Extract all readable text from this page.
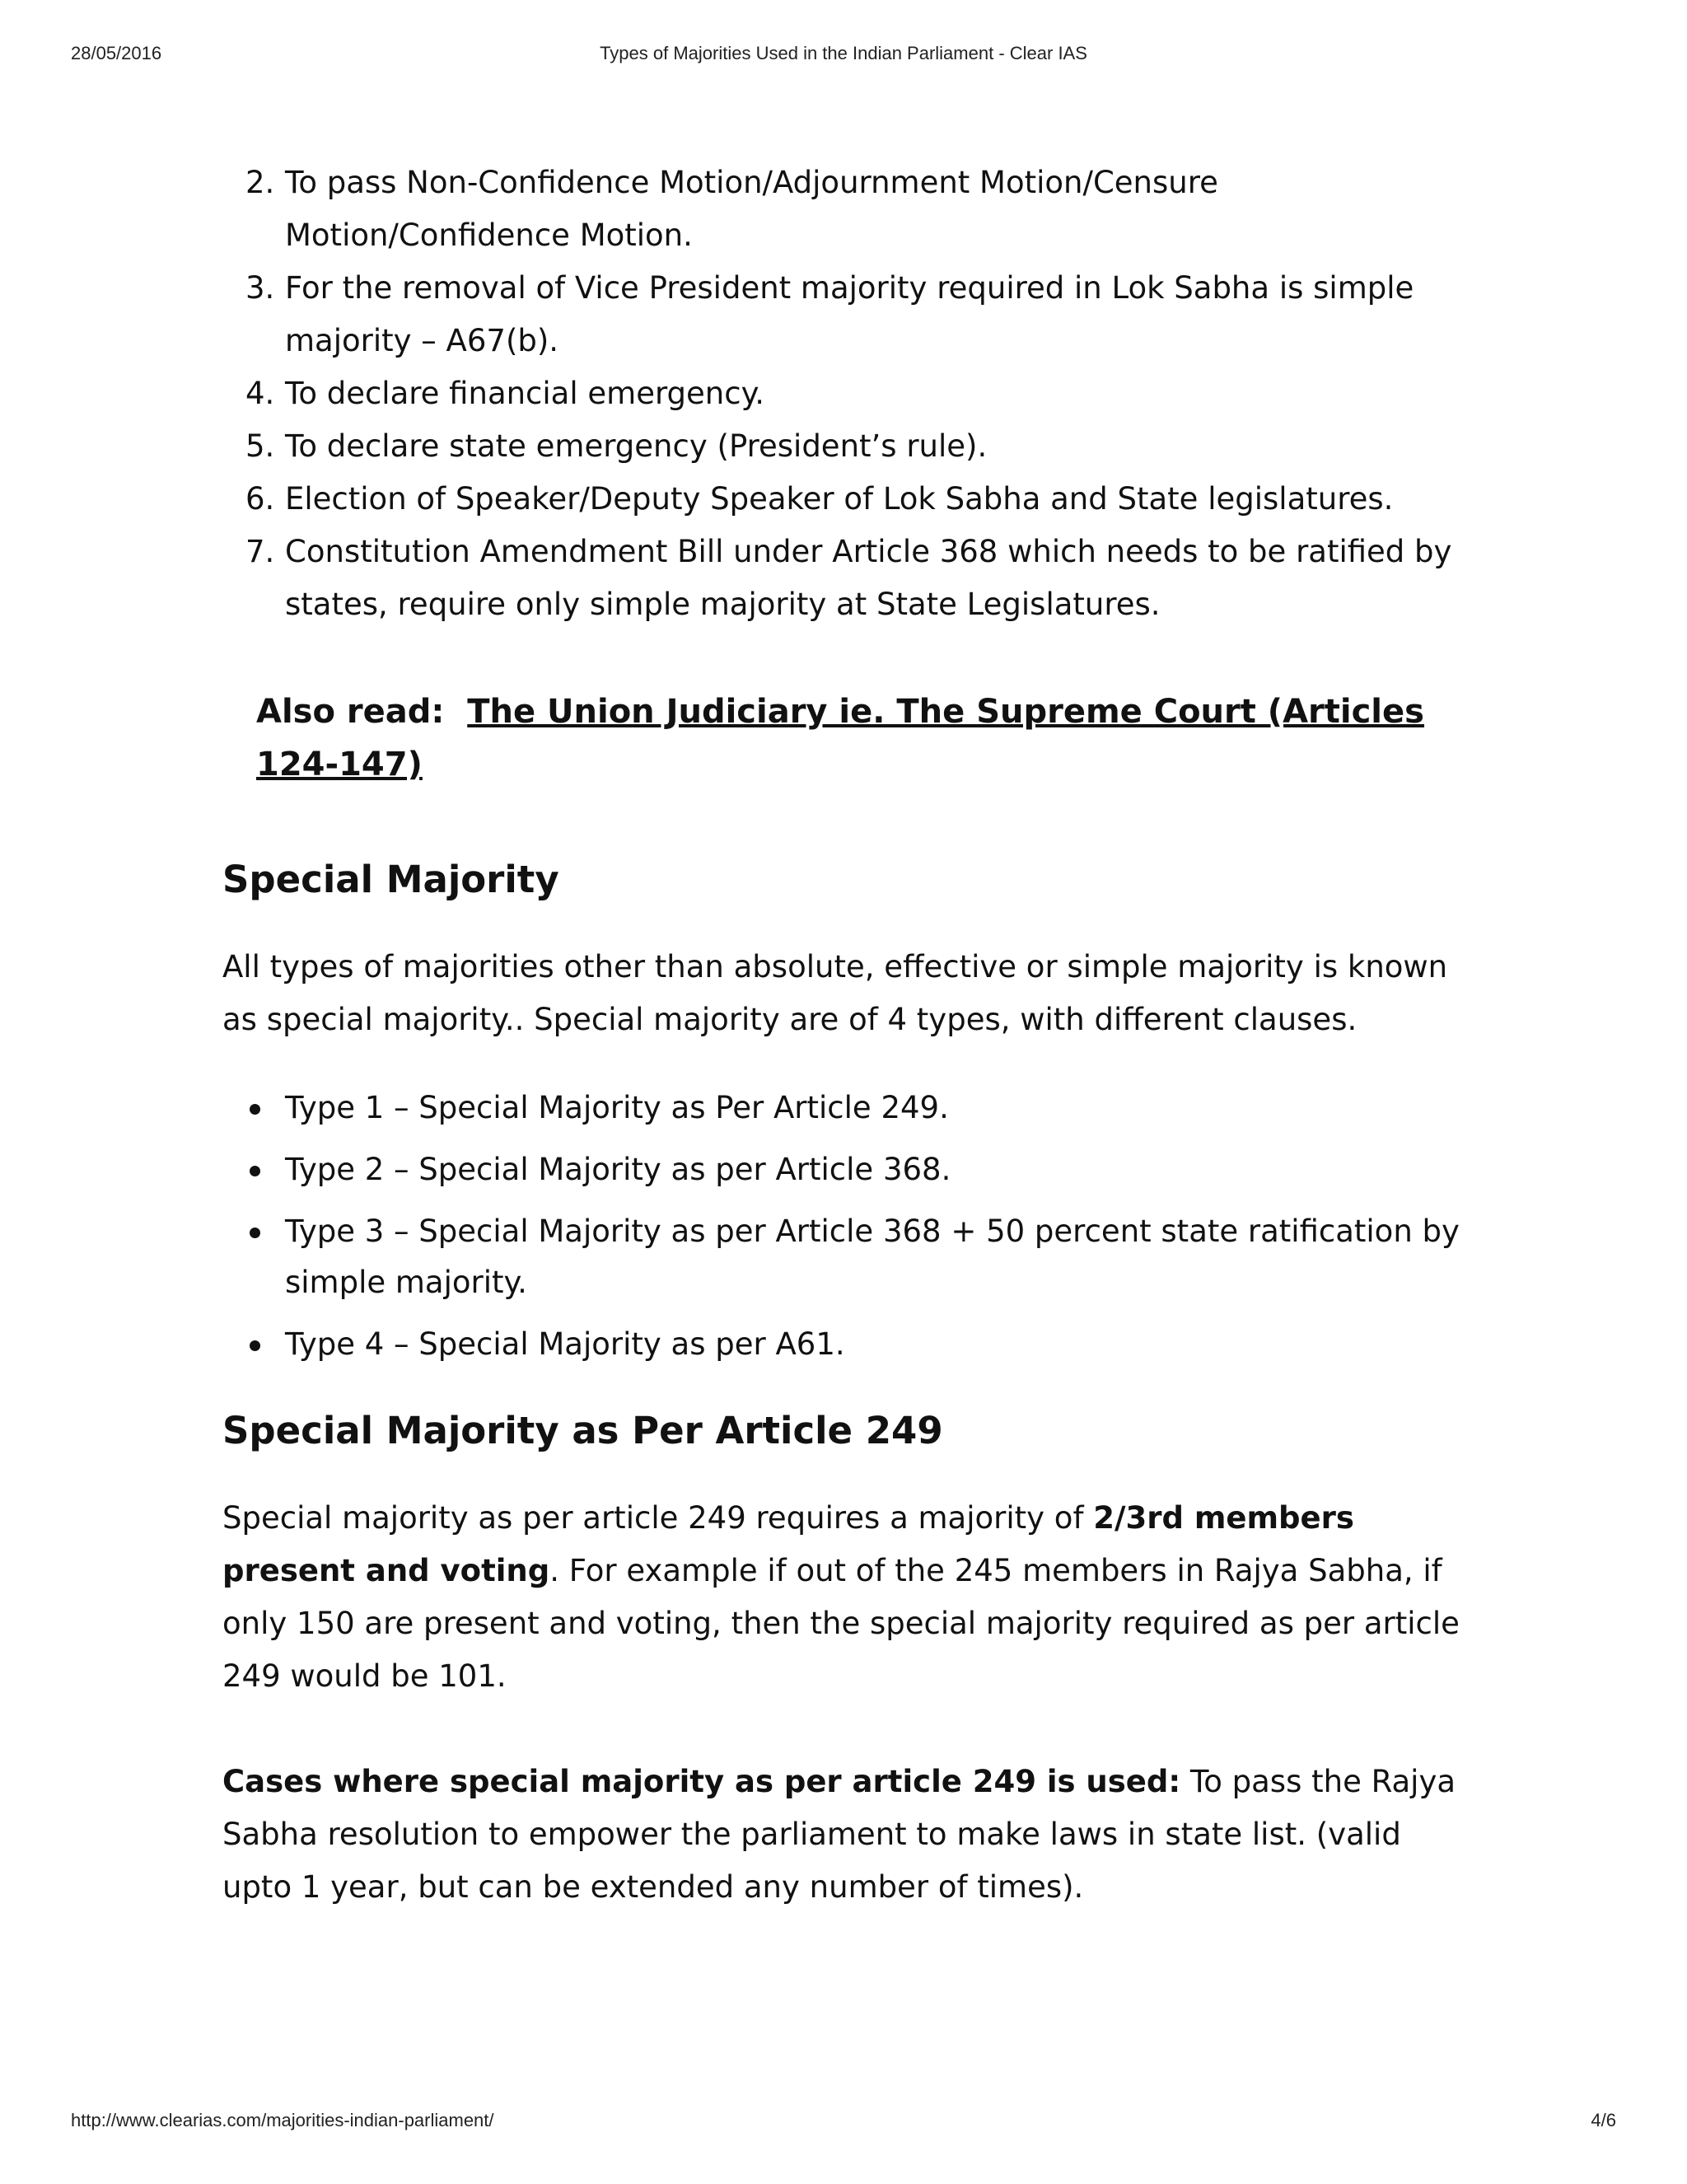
28/05/2016	Types of Majorities Used in the Indian Parliament - Clear IAS
2. To pass Non-Confidence Motion/Adjournment Motion/Censure Motion/Confidence Motion.
3. For the removal of Vice President majority required in Lok Sabha is simple majority – A67(b).
4. To declare financial emergency.
5. To declare state emergency (President’s rule).
6. Election of Speaker/Deputy Speaker of Lok Sabha and State legislatures.
7. Constitution Amendment Bill under Article 368 which needs to be ratified by states, require only simple majority at State Legislatures.
Also read: The Union Judiciary ie. The Supreme Court (Articles 124-147)
Special Majority

All types of majorities other than absolute, effective or simple majority is known as special majority.. Special majority are of 4 types, with different clauses.

Type 1 – Special Majority as Per Article 249.
Type 2 – Special Majority as per Article 368.
Type 3 – Special Majority as per Article 368 + 50 percent state ratification by simple majority.
Type 4 – Special Majority as per A61.
Special Majority as Per Article 249

Special majority as per article 249 requires a majority of 2/3rd members present and voting. For example if out of the 245 members in Rajya Sabha, if only 150 are present and voting, then the special majority required as per article 249 would be 101.

Cases where special majority as per article 249 is used: To pass the Rajya Sabha resolution to empower the parliament to make laws in state list. (valid upto 1 year, but can be extended any number of times).

http://www.clearias.com/majorities-indian-parliament/	4/6
